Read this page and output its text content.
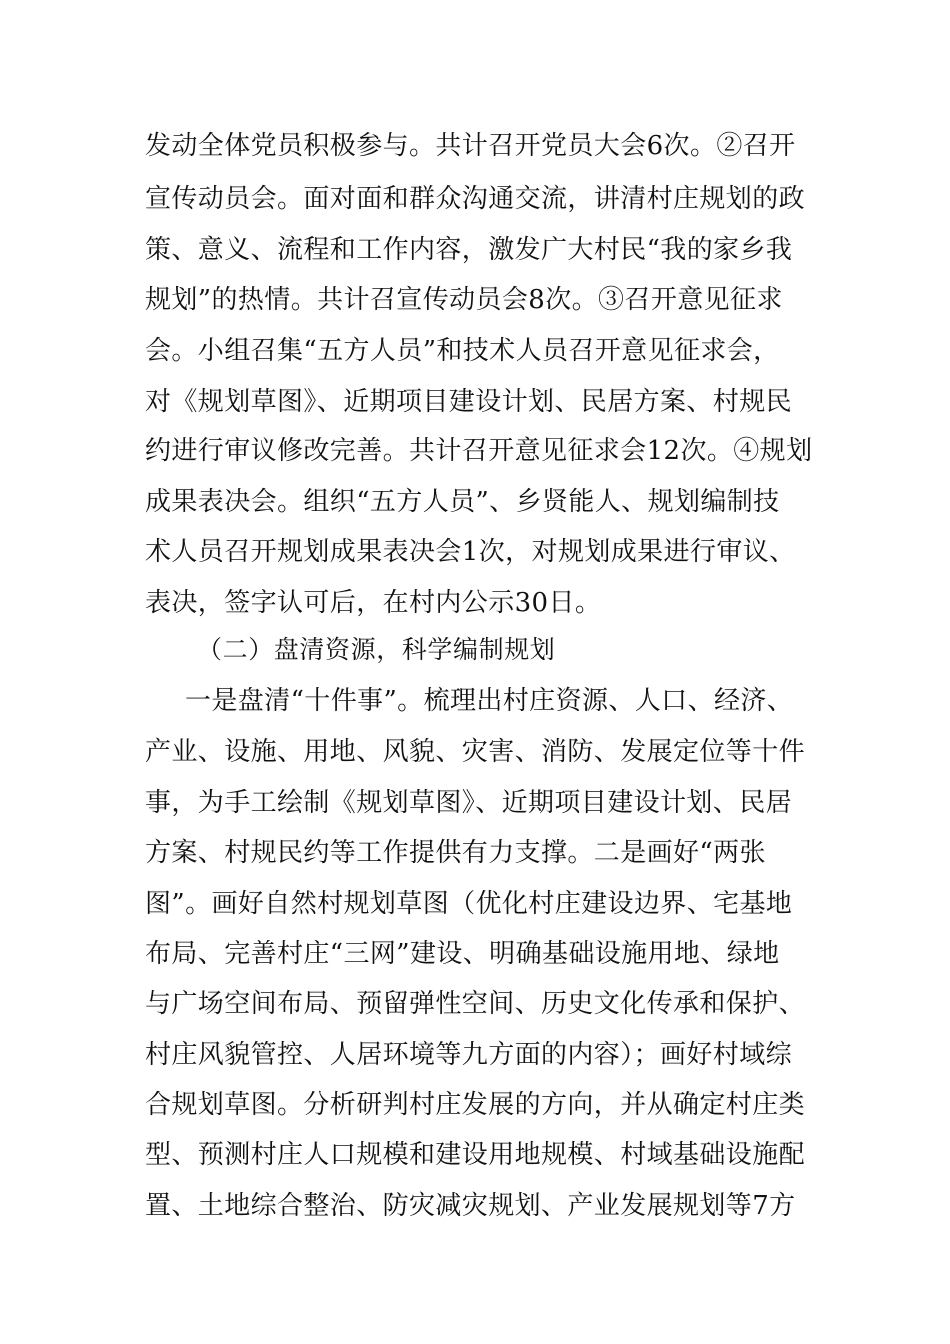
发动全体党员积极参与。共计召开党员大会6次。②召开
宣传动员会。面对面和群众沟通交流，讲清村庄规划的政
策、意义、流程和工作内容，激发广大村民“我的家乡我
规划”的热情。共计召宣传动员会8次。③召开意见征求
会。小组召集“五方人员”和技术人员召开意见征求会，
对《规划草图》、近期项目建设计划、民居方案、村规民
约进行审议修改完善。共计召开意见征求会12次。④规划
成果表决会。组织“五方人员”、乡贤能人、规划编制技
术人员召开规划成果表决会1次，对规划成果进行审议、
表决，签字认可后，在村内公示30日。
（二）盘清资源，科学编制规划
一是盘清“十件事”。梳理出村庄资源、人口、经济、
产业、设施、用地、风貌、灾害、消防、发展定位等十件
事，为手工绘制《规划草图》、近期项目建设计划、民居
方案、村规民约等工作提供有力支撑。二是画好“两张
图”。画好自然村规划草图（优化村庄建设边界、宅基地
布局、完善村庄“三网”建设、明确基础设施用地、绿地
与广场空间布局、预留弹性空间、历史文化传承和保护、
村庄风貌管控、人居环境等九方面的内容）；画好村域综
合规划草图。分析研判村庄发展的方向，并从确定村庄类
型、预测村庄人口规模和建设用地规模、村域基础设施配
置、土地综合整治、防灾减灾规划、产业发展规划等7方
